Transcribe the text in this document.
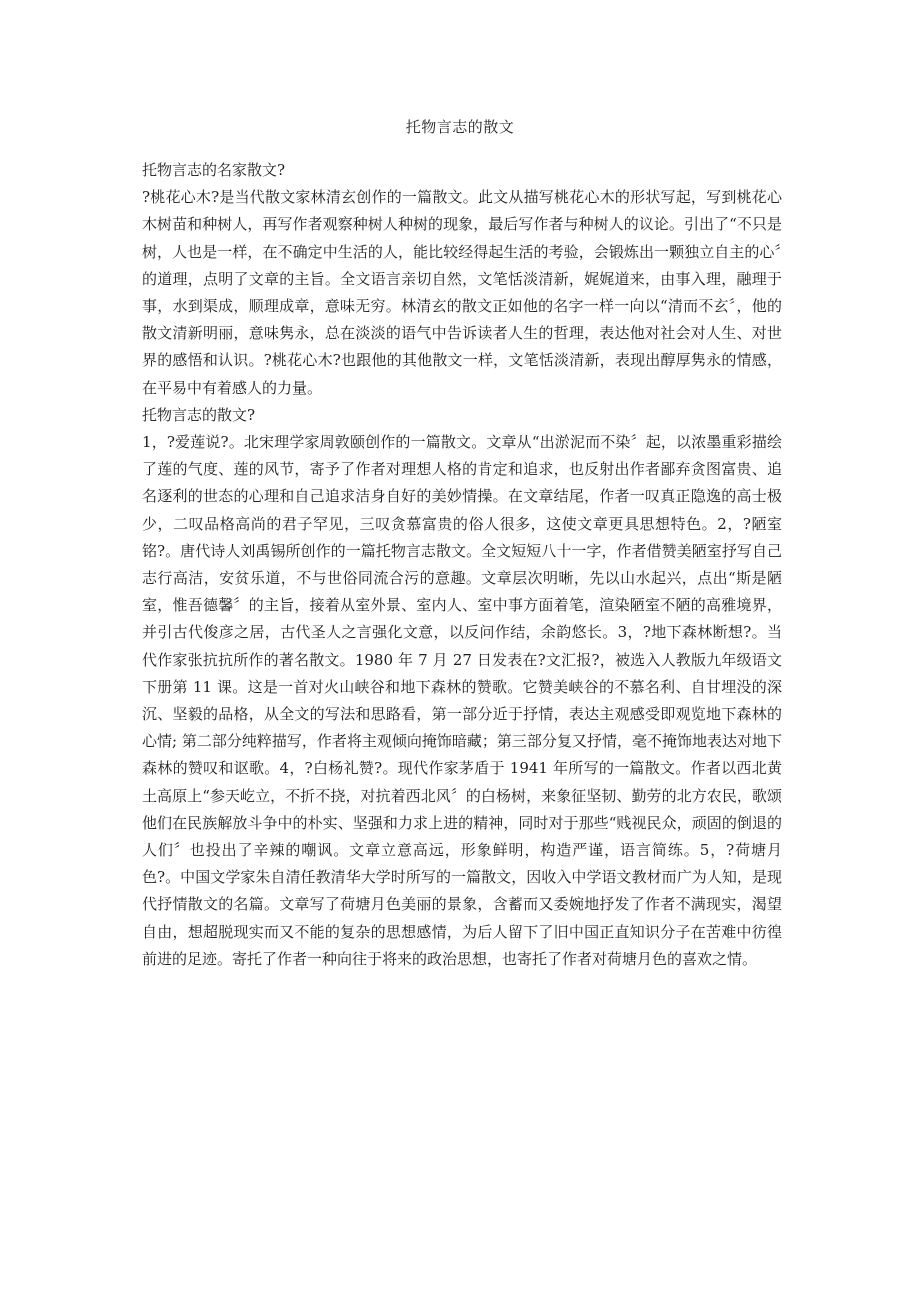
托物言志的散文

托物言志的名家散文?

?桃花心木?是当代散文家林清玄创作的一篇散文。此文从描写桃花心木的形状写起，写到桃花心木树苗和种树人，再写作者观察种树人种树的现象，最后写作者与种树人的议论。引出了“不只是树，人也是一样，在不确定中生活的人，能比较经得起生活的考验，会锻炼出一颗独立自主的心〞的道理，点明了文章的主旨。全文语言亲切自然，文笔恬淡清新，娓娓道来，由事入理，融理于事，水到渠成，顺理成章，意味无穷。林清玄的散文正如他的名字一样一向以“清而不玄〞，他的散文清新明丽，意味隽永，总在淡淡的语气中告诉读者人生的哲理，表达他对社会对人生、对世界的感悟和认识。?桃花心木?也跟他的其他散文一样，文笔恬淡清新，表现出醇厚隽永的情感，在平易中有着感人的力量。

托物言志的散文?

1，?爱莲说?。北宋理学家周敦颐创作的一篇散文。文章从“出淤泥而不染〞起，以浓墨重彩描绘了莲的气度、莲的风节，寄予了作者对理想人格的肯定和追求，也反射出作者鄙弃贪图富贵、追名逐利的世态的心理和自己追求洁身自好的美妙情操。在文章结尾，作者一叹真正隐逸的高士极少，二叹品格高尚的君子罕见，三叹贪慕富贵的俗人很多，这使文章更具思想特色。2，?陋室铭?。唐代诗人刘禹锡所创作的一篇托物言志散文。全文短短八十一字，作者借赞美陋室抒写自己志行高洁，安贫乐道，不与世俗同流合污的意趣。文章层次明晰，先以山水起兴，点出“斯是陋室，惟吾德馨〞的主旨，接着从室外景、室内人、室中事方面着笔，渲染陋室不陋的高雅境界，并引古代俊彦之居，古代圣人之言强化文意，以反问作结，余韵悠长。3，?地下森林断想?。当代作家张抗抗所作的著名散文。1980 年 7 月 27 日发表在?文汇报?，被选入人教版九年级语文下册第 11 课。这是一首对火山峡谷和地下森林的赞歌。它赞美峡谷的不慕名利、自甘埋没的深沉、坚毅的品格，从全文的写法和思路看，第一部分近于抒情，表达主观感受即观览地下森林的心情; 第二部分纯粹描写，作者将主观倾向掩饰暗藏；第三部分复又抒情，毫不掩饰地表达对地下森林的赞叹和讴歌。4，?白杨礼赞?。现代作家茅盾于 1941 年所写的一篇散文。作者以西北黄土高原上“参天屹立，不折不挠，对抗着西北风〞的白杨树，来象征坚韧、勤劳的北方农民，歌颂他们在民族解放斗争中的朴实、坚强和力求上进的精神，同时对于那些“贱视民众，顽固的倒退的人们〞也投出了辛辣的嘲讽。文章立意高远，形象鲜明，构造严谨，语言简练。5，?荷塘月色?。中国文学家朱自清任教清华大学时所写的一篇散文，因收入中学语文教材而广为人知，是现代抒情散文的名篇。文章写了荷塘月色美丽的景象，含蓄而又委婉地抒发了作者不满现实，渴望自由，想超脱现实而又不能的复杂的思想感情，为后人留下了旧中国正直知识分子在苦难中彷徨前进的足迹。寄托了作者一种向往于将来的政治思想，也寄托了作者对荷塘月色的喜欢之情。
